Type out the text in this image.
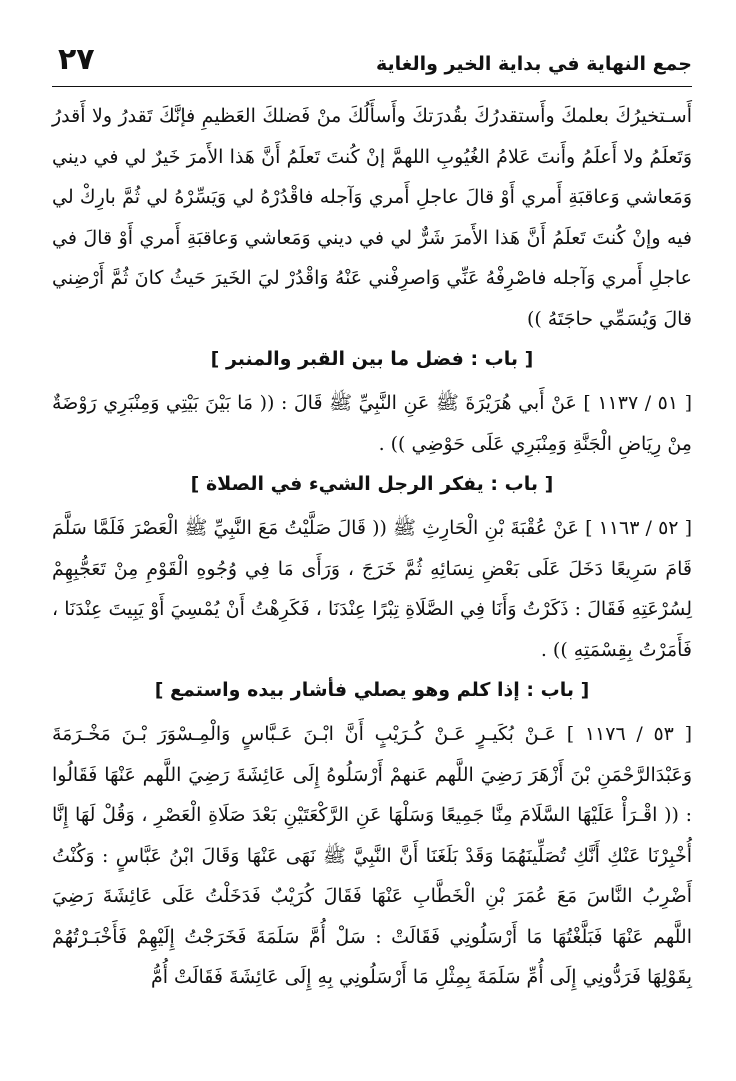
٢٧	جمع النهاية في بداية الخير والغاية

أَسـتخيرُكَ بعلمكَ وأَستقدرُكَ بقُدرَتكَ وأَسأَلُكَ منْ فَضلكَ العَظيمِ فإنَّكَ تَقدرُ ولا أَقدرُ وَتَعلَمُ ولا أَعلَمُ وأَنتَ عَلامُ الغُيُوبِ اللهمَّ إنْ كُنتَ تَعلَمُ أَنَّ هَذا الأَمرَ خَيرٌ لي في ديني وَمَعاشي وَعاقبَةِ أَمري أَوْ قالَ عاجلِ أَمري وَآجله فاقْدُرْهُ لي وَيَسِّرْهُ لي ثُمَّ بارِكْ لي فيه وإنْ كُنتَ تَعلَمُ أَنَّ هَذا الأَمرَ شَرٌّ لي في ديني وَمَعاشي وَعاقبَةِ أَمري أَوْ قالَ في عاجلِ أَمري وَآجله فاصْرِفْهُ عَنِّي وَاصرِفْني عَنْهُ وَاقْدُرْ ليَ الخَيرَ حَيثُ كانَ ثُمَّ أَرْضِني قالَ وَيُسَمِّي حاجَتَهُ ))

[ باب : فضل ما بين القبر والمنبر ]

[ ٥١ / ١١٣٧ ] عَنْ أَبي هُرَيْرَةَ ﷺ عَنِ النَّبِيِّ ﷺ قَالَ : (( مَا بَيْنَ بَيْتِي وَمِنْبَرِي رَوْضَةٌ مِنْ رِيَاضِ الْجَنَّةِ وَمِنْبَرِي عَلَى حَوْضِي )) .

[ باب : يفكر الرجل الشيء في الصلاة ]

[ ٥٢ / ١١٦٣ ] عَنْ عُقْبَةَ بْنِ الْحَارِثِ ﷺ (( قَالَ صَلَّيْتُ مَعَ النَّبِيِّ ﷺ الْعَصْرَ فَلَمَّا سَلَّمَ قَامَ سَرِيعًا دَخَلَ عَلَى بَعْضِ نِسَائِهِ ثُمَّ خَرَجَ ، وَرَأَى مَا فِي وُجُوهِ الْقَوْمِ مِنْ تَعَجُّبِهِمْ لِسُرْعَتِهِ فَقَالَ : ذَكَرْتُ وَأَنَا فِي الصَّلَاةِ تِبْرًا عِنْدَنَا ، فَكَرِهْتُ أَنْ يُمْسِيَ أَوْ يَبِيتَ عِنْدَنَا ، فَأَمَرْتُ بِقِسْمَتِهِ )) .

[ باب : إذا كلم وهو يصلي فأشار بيده واستمع ]

[ ٥٣ / ١١٧٦ ] عَـنْ بُكَيـرٍ عَـنْ كُـرَيْبٍ أَنَّ ابْـنَ عَـبَّاسٍ وَالْمِـسْوَرَ بْـنَ مَخْـرَمَةَ وَعَبْدَالرَّحْمَنِ بْنَ أَزْهَرَ رَضِيَ اللَّهم عَنهمْ أَرْسَلُوهُ إِلَى عَائِشَةَ رَضِيَ اللَّهم عَنْهَا فَقَالُوا : (( اقْـرَأْ عَلَيْهَا السَّلَامَ مِنَّا جَمِيعًا وَسَلْهَا عَنِ الرَّكْعَتَيْنِ بَعْدَ صَلَاةِ الْعَصْرِ ، وَقُلْ لَهَا إِنَّا أُخْبِرْنَا عَنْكِ أَنَّكِ تُصَلِّينَهُمَا وَقَدْ بَلَغَنَا أَنَّ النَّبِيَّ ﷺ نَهَى عَنْهَا وَقَالَ ابْنُ عَبَّاسٍ : وَكُنْتُ أَضْرِبُ النَّاسَ مَعَ عُمَرَ بْنِ الْخَطَّابِ عَنْهَا فَقَالَ كُرَيْبٌ فَدَخَلْتُ عَلَى عَائِشَةَ رَضِيَ اللَّهم عَنْهَا فَبَلَّغْتُهَا مَا أَرْسَلُونِي فَقَالَتْ : سَلْ أُمَّ سَلَمَةَ فَخَرَجْتُ إِلَيْهِمْ فَأَخْبَـرْتُهُمْ بِقَوْلِهَا فَرَدُّونِي إِلَى أُمِّ سَلَمَةَ بِمِثْلِ مَا أَرْسَلُونِي بِهِ إِلَى عَائِشَةَ فَقَالَتْ أُمُّ
